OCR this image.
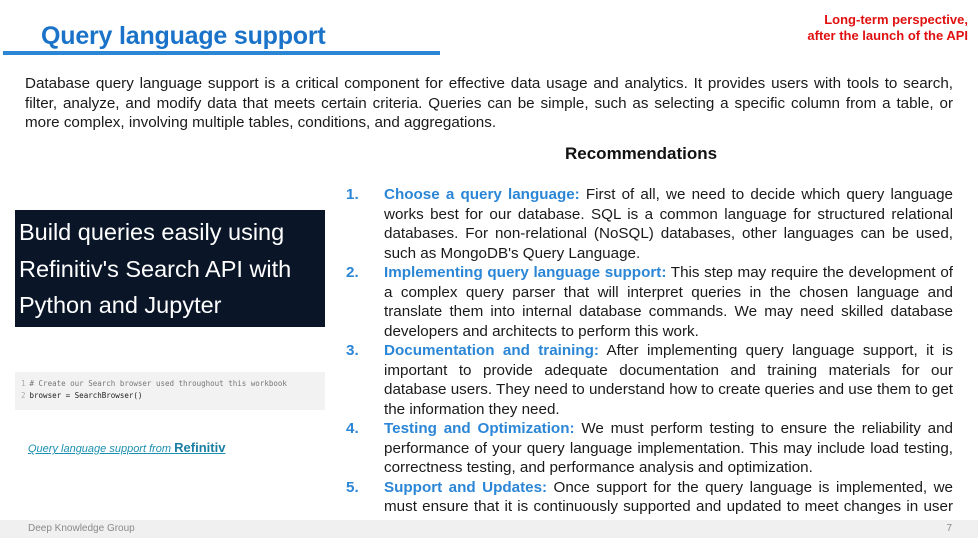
Query language support
Long-term perspective,
after the launch of the API

Database query language support is a critical component for effective data usage and analytics. It provides users with tools to search, filter, analyze, and modify data that meets certain criteria. Queries can be simple, such as selecting a specific column from a table, or more complex, involving multiple tables, conditions, and aggregations.

Recommendations

Build queries easily using

Refinitiv's Search API with

Python and Jupyter

1 # Create our Search browser used throughout this workbook
2 browser = SearchBrowser()
Query language support from Refinitiv
1. Choose a query language: First of all, we need to decide which query language works best for our database. SQL is a common language for structured relational databases. For non-relational (NoSQL) databases, other languages can be used, such as MongoDB's Query Language.
2. Implementing query language support: This step may require the development of a complex query parser that will interpret queries in the chosen language and translate them into internal database commands. We may need skilled database developers and architects to perform this work.
3. Documentation and training: After implementing query language support, it is important to provide adequate documentation and training materials for our database users. They need to understand how to create queries and use them to get the information they need.
4. Testing and Optimization: We must perform testing to ensure the reliability and performance of your query language implementation. This may include load testing, correctness testing, and performance analysis and optimization.
5. Support and Updates: Once support for the query language is implemented, we must ensure that it is continuously supported and updated to meet changes in user
Deep Knowledge Group	7
